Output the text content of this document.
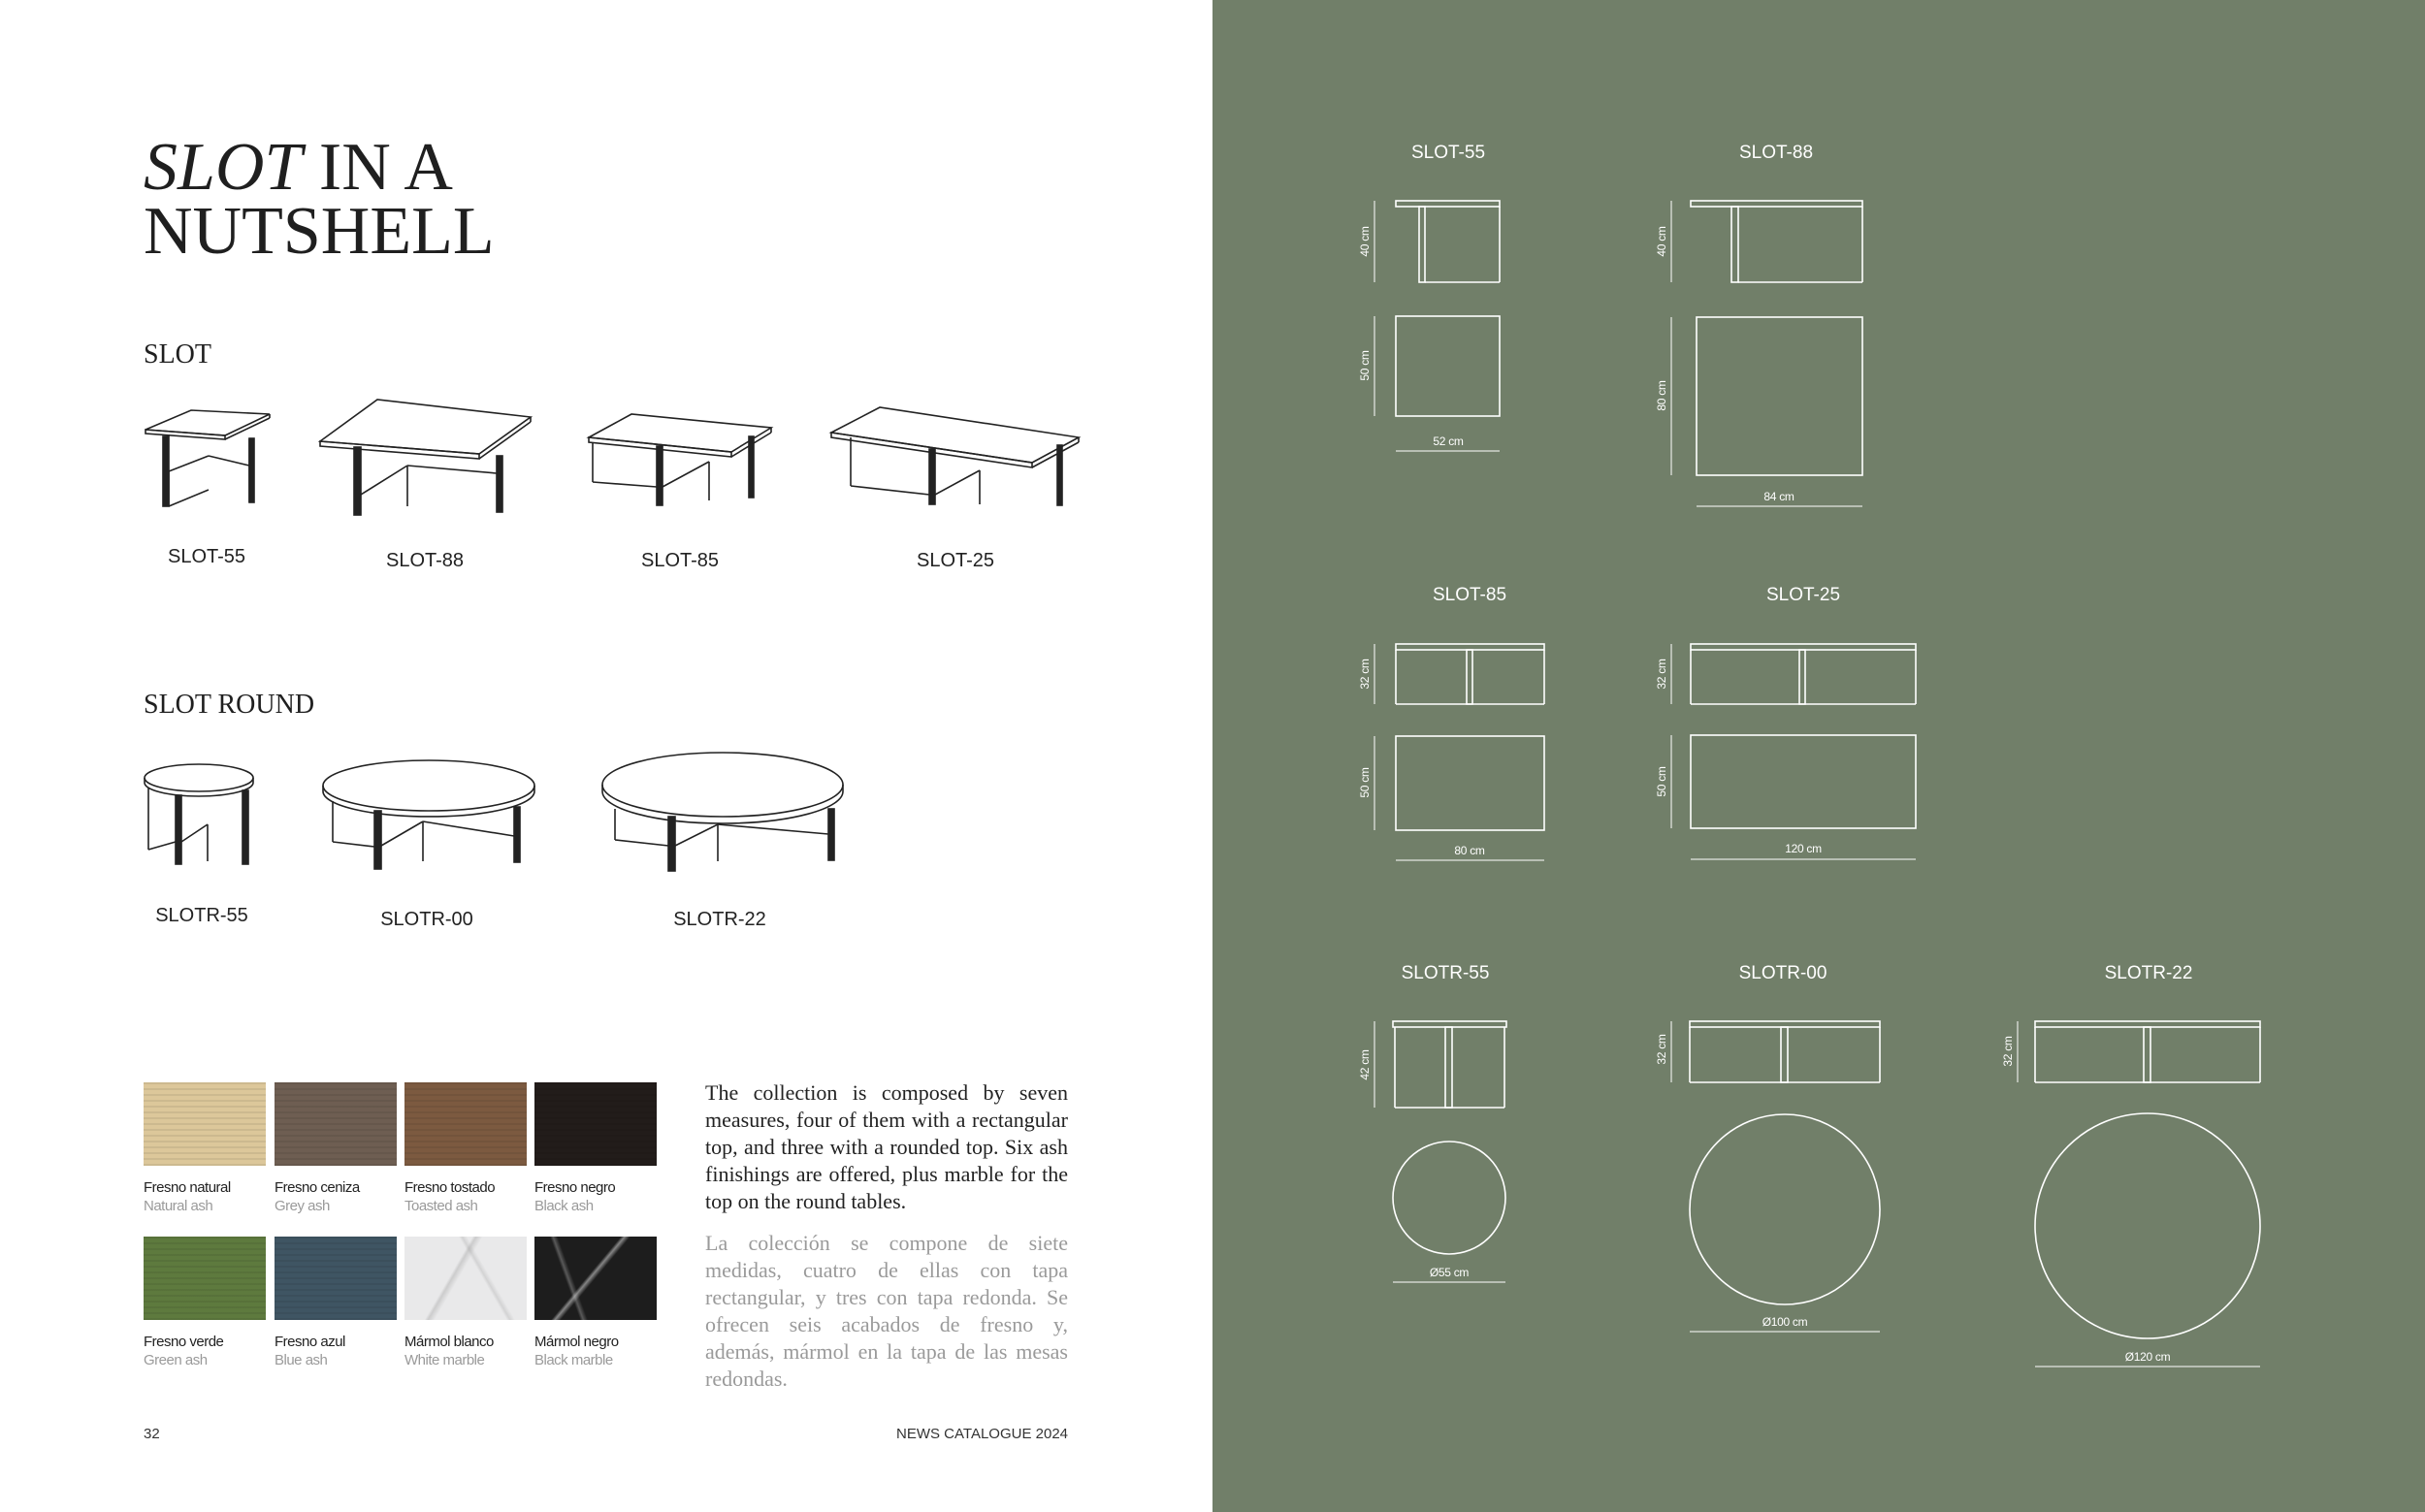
SLOT IN A
NUTSHELL
SLOT
SLOT ROUND
SLOT-55	SLOT-88	SLOT-85	SLOT-25
SLOTR-55	SLOTR-00	SLOTR-22
Fresno natural
Natural ash
Fresno ceniza
Grey ash
Fresno tostado
Toasted ash
Fresno negro
Black ash
Fresno verde
Green ash
Fresno azul
Blue ash
Mármol blanco
White marble
Mármol negro
Black marble

The collection is composed by seven measures, four of them with a rectangular top, and three with a rounded top. Six ash finishings are offered, plus marble for the top on the round tables.

La colección se compone de siete medidas, cuatro de ellas con tapa rectangular, y tres con tapa redonda. Se ofrecen seis acabados de fresno y, además, mármol en la tapa de las mesas redondas.

32	NEWS CATALOGUE 2024
SLOT-55	SLOT-88
SLOT-85	SLOT-25
SLOTR-55	SLOTR-00	SLOTR-22
40 cm
50 cm
52 cm
40 cm
80 cm
84 cm
32 cm
50 cm
80 cm
32 cm
50 cm
120 cm
42 cm
Ø55 cm
32 cm
Ø100 cm
32 cm
Ø120 cm
